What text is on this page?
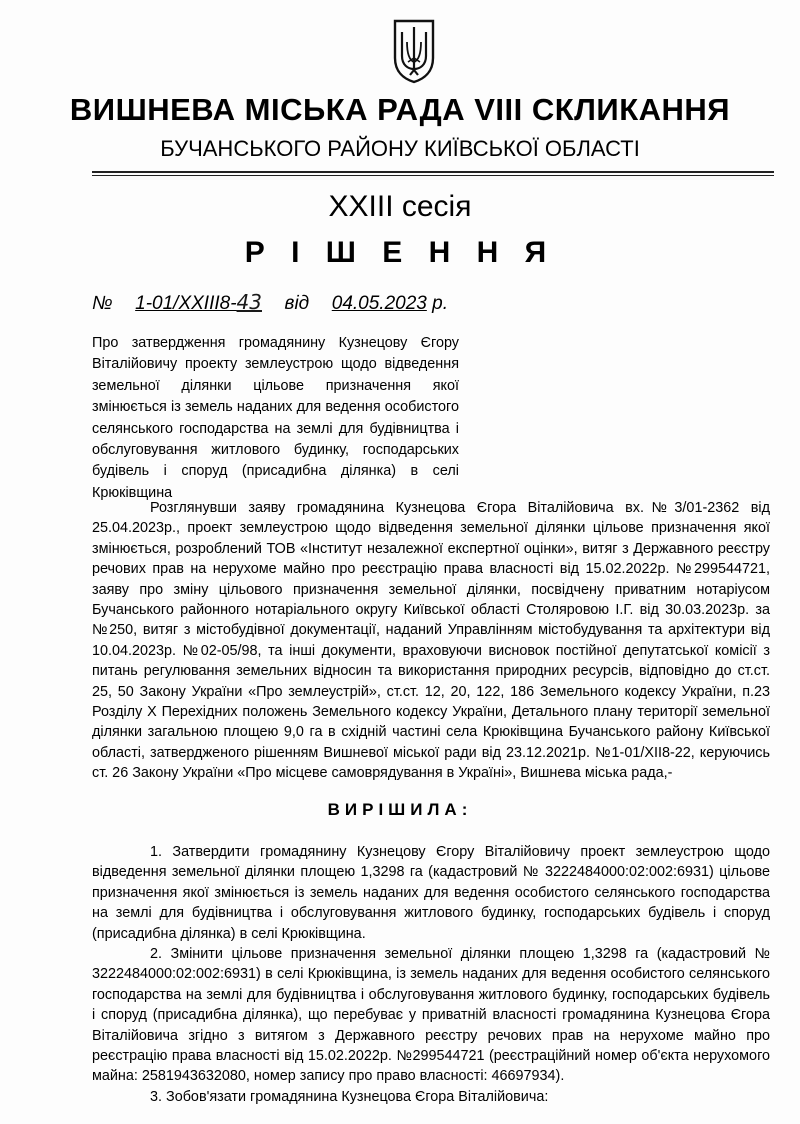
ВИШНЕВА МІСЬКА РАДА VIII СКЛИКАННЯ
БУЧАНСЬКОГО РАЙОНУ КИЇВСЬКОЇ ОБЛАСТІ
XXIII сесія
Р І Ш Е Н Н Я
№ 1-01/XXIII8-43 від 04.05.2023 р.
Про затвердження громадянину Кузнецову Єгору Віталійовичу проекту землеустрою щодо відведення земельної ділянки цільове призначення якої змінюється із земель наданих для ведення особистого селянського господарства на землі для будівництва і обслуговування житлового будинку, господарських будівель і споруд (присадибна ділянка) в селі Крюківщина

Розглянувши заяву громадянина Кузнецова Єгора Віталійовича вх.№3/01-2362 від 25.04.2023р., проект землеустрою щодо відведення земельної ділянки цільове призначення якої змінюється, розроблений ТОВ «Інститут незалежної експертної оцінки», витяг з Державного реєстру речових прав на нерухоме майно про реєстрацію права власності від 15.02.2022р. №299544721, заяву про зміну цільового призначення земельної ділянки, посвідчену приватним нотаріусом Бучанського районного нотаріального округу Київської області Столяровою І.Г. від 30.03.2023р. за №250, витяг з містобудівної документації, наданий Управлінням містобудування та архітектури від 10.04.2023р. №02-05/98, та інші документи, враховуючи висновок постійної депутатської комісії з питань регулювання земельних відносин та використання природних ресурсів, відповідно до ст.ст. 25, 50 Закону України «Про землеустрій», ст.ст. 12, 20, 122, 186 Земельного кодексу України, п.23 Розділу X Перехідних положень Земельного кодексу України, Детального плану території земельної ділянки загальною площею 9,0 га в східній частині села Крюківщина Бучанського району Київської області, затвердженого рішенням Вишневої міської ради від 23.12.2021р. №1-01/XII8-22, керуючись ст. 26 Закону України «Про місцеве самоврядування в Україні», Вишнева міська рада,-

ВИРІШИЛА:

1. Затвердити громадянину Кузнецову Єгору Віталійовичу проект землеустрою щодо відведення земельної ділянки площею 1,3298 га (кадастровий № 3222484000:02:002:6931) цільове призначення якої змінюється із земель наданих для ведення особистого селянського господарства на землі для будівництва і обслуговування житлового будинку, господарських будівель і споруд (присадибна ділянка) в селі Крюківщина.

2. Змінити цільове призначення земельної ділянки площею 1,3298 га (кадастровий № 3222484000:02:002:6931) в селі Крюківщина, із земель наданих для ведення особистого селянського господарства на землі для будівництва і обслуговування житлового будинку, господарських будівель і споруд (присадибна ділянка), що перебуває у приватній власності громадянина Кузнецова Єгора Віталійовича згідно з витягом з Державного реєстру речових прав на нерухоме майно про реєстрацію права власності від 15.02.2022р. №299544721 (реєстраційний номер об'єкта нерухомого майна: 2581943632080, номер запису про право власності: 46697934).

3. Зобов'язати громадянина Кузнецова Єгора Віталійовича:
